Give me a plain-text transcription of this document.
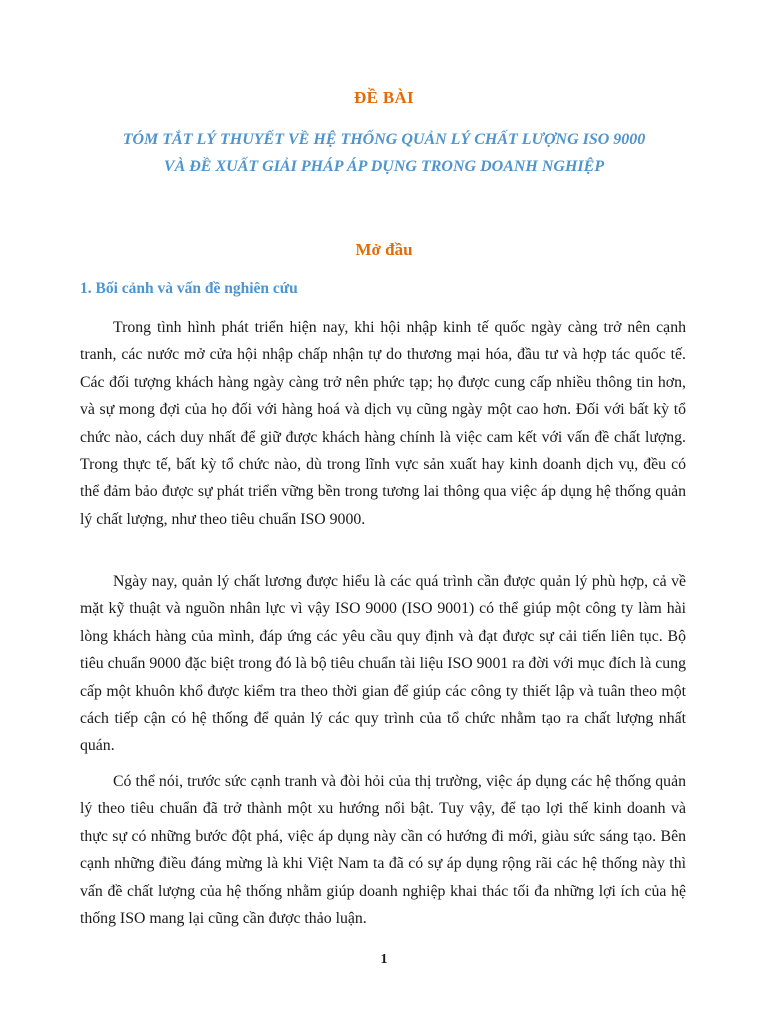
ĐỀ BÀI
TÓM TẮT LÝ THUYẾT VỀ HỆ THỐNG QUẢN LÝ CHẤT LƯỢNG ISO 9000
VÀ ĐỀ XUẤT GIẢI PHÁP ÁP DỤNG TRONG DOANH NGHIỆP
Mở đầu
1. Bối cảnh và vấn đề nghiên cứu

Trong tình hình phát triển hiện nay, khi hội nhập kinh tế quốc ngày càng trở nên cạnh tranh, các nước mở cửa hội nhập chấp nhận tự do thương mại hóa, đầu tư và hợp tác quốc tế. Các đối tượng khách hàng ngày càng trở nên phức tạp; họ được cung cấp nhiều thông tin hơn, và sự mong đợi của họ đối với hàng hoá và dịch vụ cũng ngày một cao hơn. Đối với bất kỳ tổ chức nào, cách duy nhất để giữ được khách hàng chính là việc cam kết với vấn đề chất lượng. Trong thực tế, bất kỳ tổ chức nào, dù trong lĩnh vực sản xuất hay kinh doanh dịch vụ, đều có thể đảm bảo được sự phát triển vững bền trong tương lai thông qua việc áp dụng hệ thống quản lý chất lượng, như theo tiêu chuẩn ISO 9000.

Ngày nay, quản lý chất lương được hiểu là các quá trình cần được quản lý phù hợp, cả về mặt kỹ thuật và nguồn nhân lực vì vậy ISO 9000 (ISO 9001) có thể giúp một công ty làm hài lòng khách hàng của mình, đáp ứng các yêu cầu quy định và đạt được sự cải tiến liên tục. Bộ tiêu chuẩn 9000 đặc biệt trong đó là bộ tiêu chuẩn tài liệu ISO 9001 ra đời với mục đích là cung cấp một khuôn khổ được kiểm tra theo thời gian để giúp các công ty thiết lập và tuân theo một cách tiếp cận có hệ thống để quản lý các quy trình của tổ chức nhằm tạo ra chất lượng nhất quán.

Có thể nói, trước sức cạnh tranh và đòi hỏi của thị trường, việc áp dụng các hệ thống quản lý theo tiêu chuẩn đã trở thành một xu hướng nổi bật. Tuy vậy, để tạo lợi thế kinh doanh và thực sự có những bước đột phá, việc áp dụng này cần có hướng đi mới, giàu sức sáng tạo. Bên cạnh những điều đáng mừng là khi Việt Nam ta đã có sự áp dụng rộng rãi các hệ thống này thì vấn đề chất lượng của hệ thống nhằm giúp doanh nghiệp khai thác tối đa những lợi ích của hệ thống ISO mang lại cũng cần được thảo luận.

1
